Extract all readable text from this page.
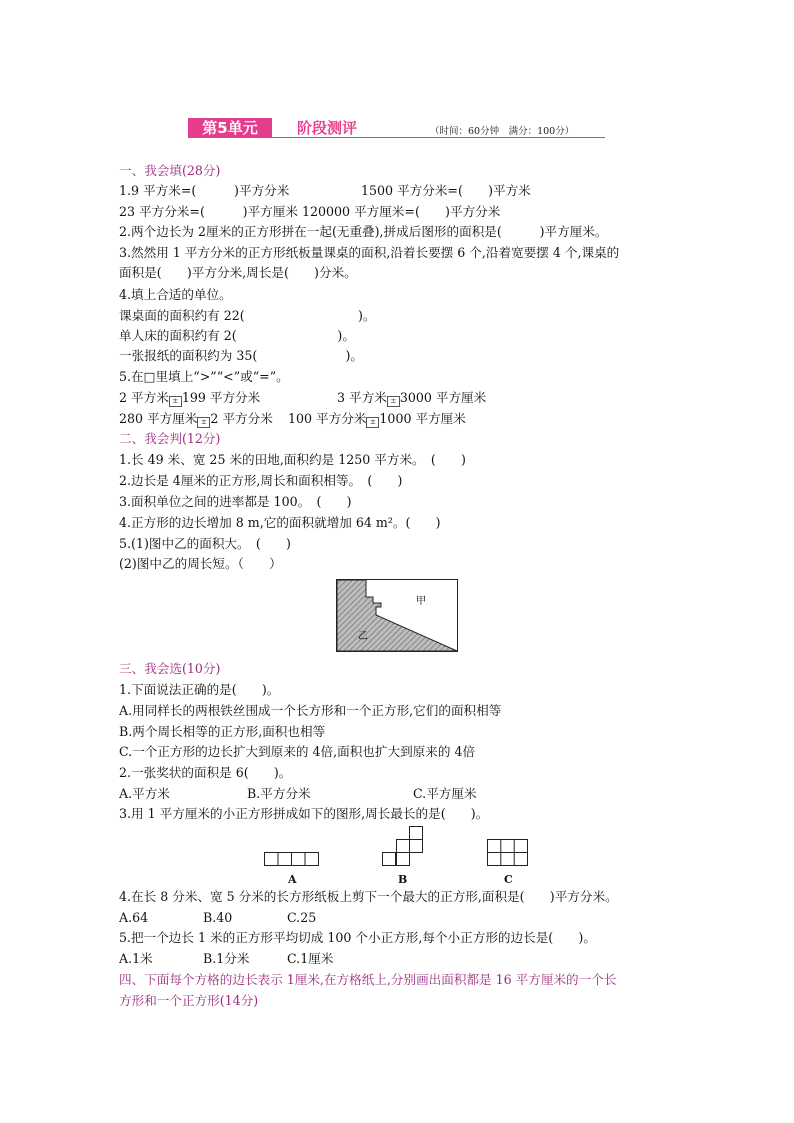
第5单元	阶段测评	（时间：60分钟　满分：100分）
一、我会填(28分)
1.9 平方米=(　　　)平方分米	1500 平方分米=(　　)平方米
23 平方分米=(　　　)平方厘米 120000 平方厘米=(　　)平方分米
2.两个边长为 2厘米的正方形拼在一起(无重叠),拼成后图形的面积是(　　　)平方厘米。
3.然然用 1 平方分米的正方形纸板量课桌的面积,沿着长要摆 6 个,沿着宽要摆 4 个,课桌的
面积是(　　)平方分米,周长是(　　)分米。
4.填上合适的单位。
课桌面的面积约有 22(　　　　　　　　　)。
单人床的面积约有 2(　　　　　　　　)。
一张报纸的面积约为 35(　　　　　　　)。
5.在□里填上“>”“<”或“=”。
2 平方米 ± 199 平方分米	3 平方米 ± 3000 平方厘米
280 平方厘米 ± 2 平方分米 100 平方分米 ± 1000 平方厘米
二、我会判(12分)
1.长 49 米、宽 25 米的田地,面积约是 1250 平方米。　(　　)
2.边长是 4厘米的正方形,周长和面积相等。　(　　)
3.面积单位之间的进率都是 100。　(　　)
4.正方形的边长增加 8 m,它的面积就增加 64 m²。(　　)
5.(1)图中乙的面积大。　(　　)
(2)图中乙的周长短。（　　）
甲
乙
三、我会选(10分)
1.下面说法正确的是(　　)。
A.用同样长的两根铁丝围成一个长方形和一个正方形,它们的面积相等
B.两个周长相等的正方形,面积也相等
C.一个正方形的边长扩大到原来的 4倍,面积也扩大到原来的 4倍
2.一张奖状的面积是 6(　　)。
A.平方米	B.平方分米	C.平方厘米
3.用 1 平方厘米的小正方形拼成如下的图形,周长最长的是(　　)。
A	B	C
4.在长 8 分米、宽 5 分米的长方形纸板上剪下一个最大的正方形,面积是(　　)平方分米。
A.64	B.40	C.25
5.把一个边长 1 米的正方形平均切成 100 个小正方形,每个小正方形的边长是(　　)。
A.1米	B.1分米	C.1厘米
四、下面每个方格的边长表示 1厘米,在方格纸上,分别画出面积都是 16 平方厘米的一个长
方形和一个正方形(14分)
